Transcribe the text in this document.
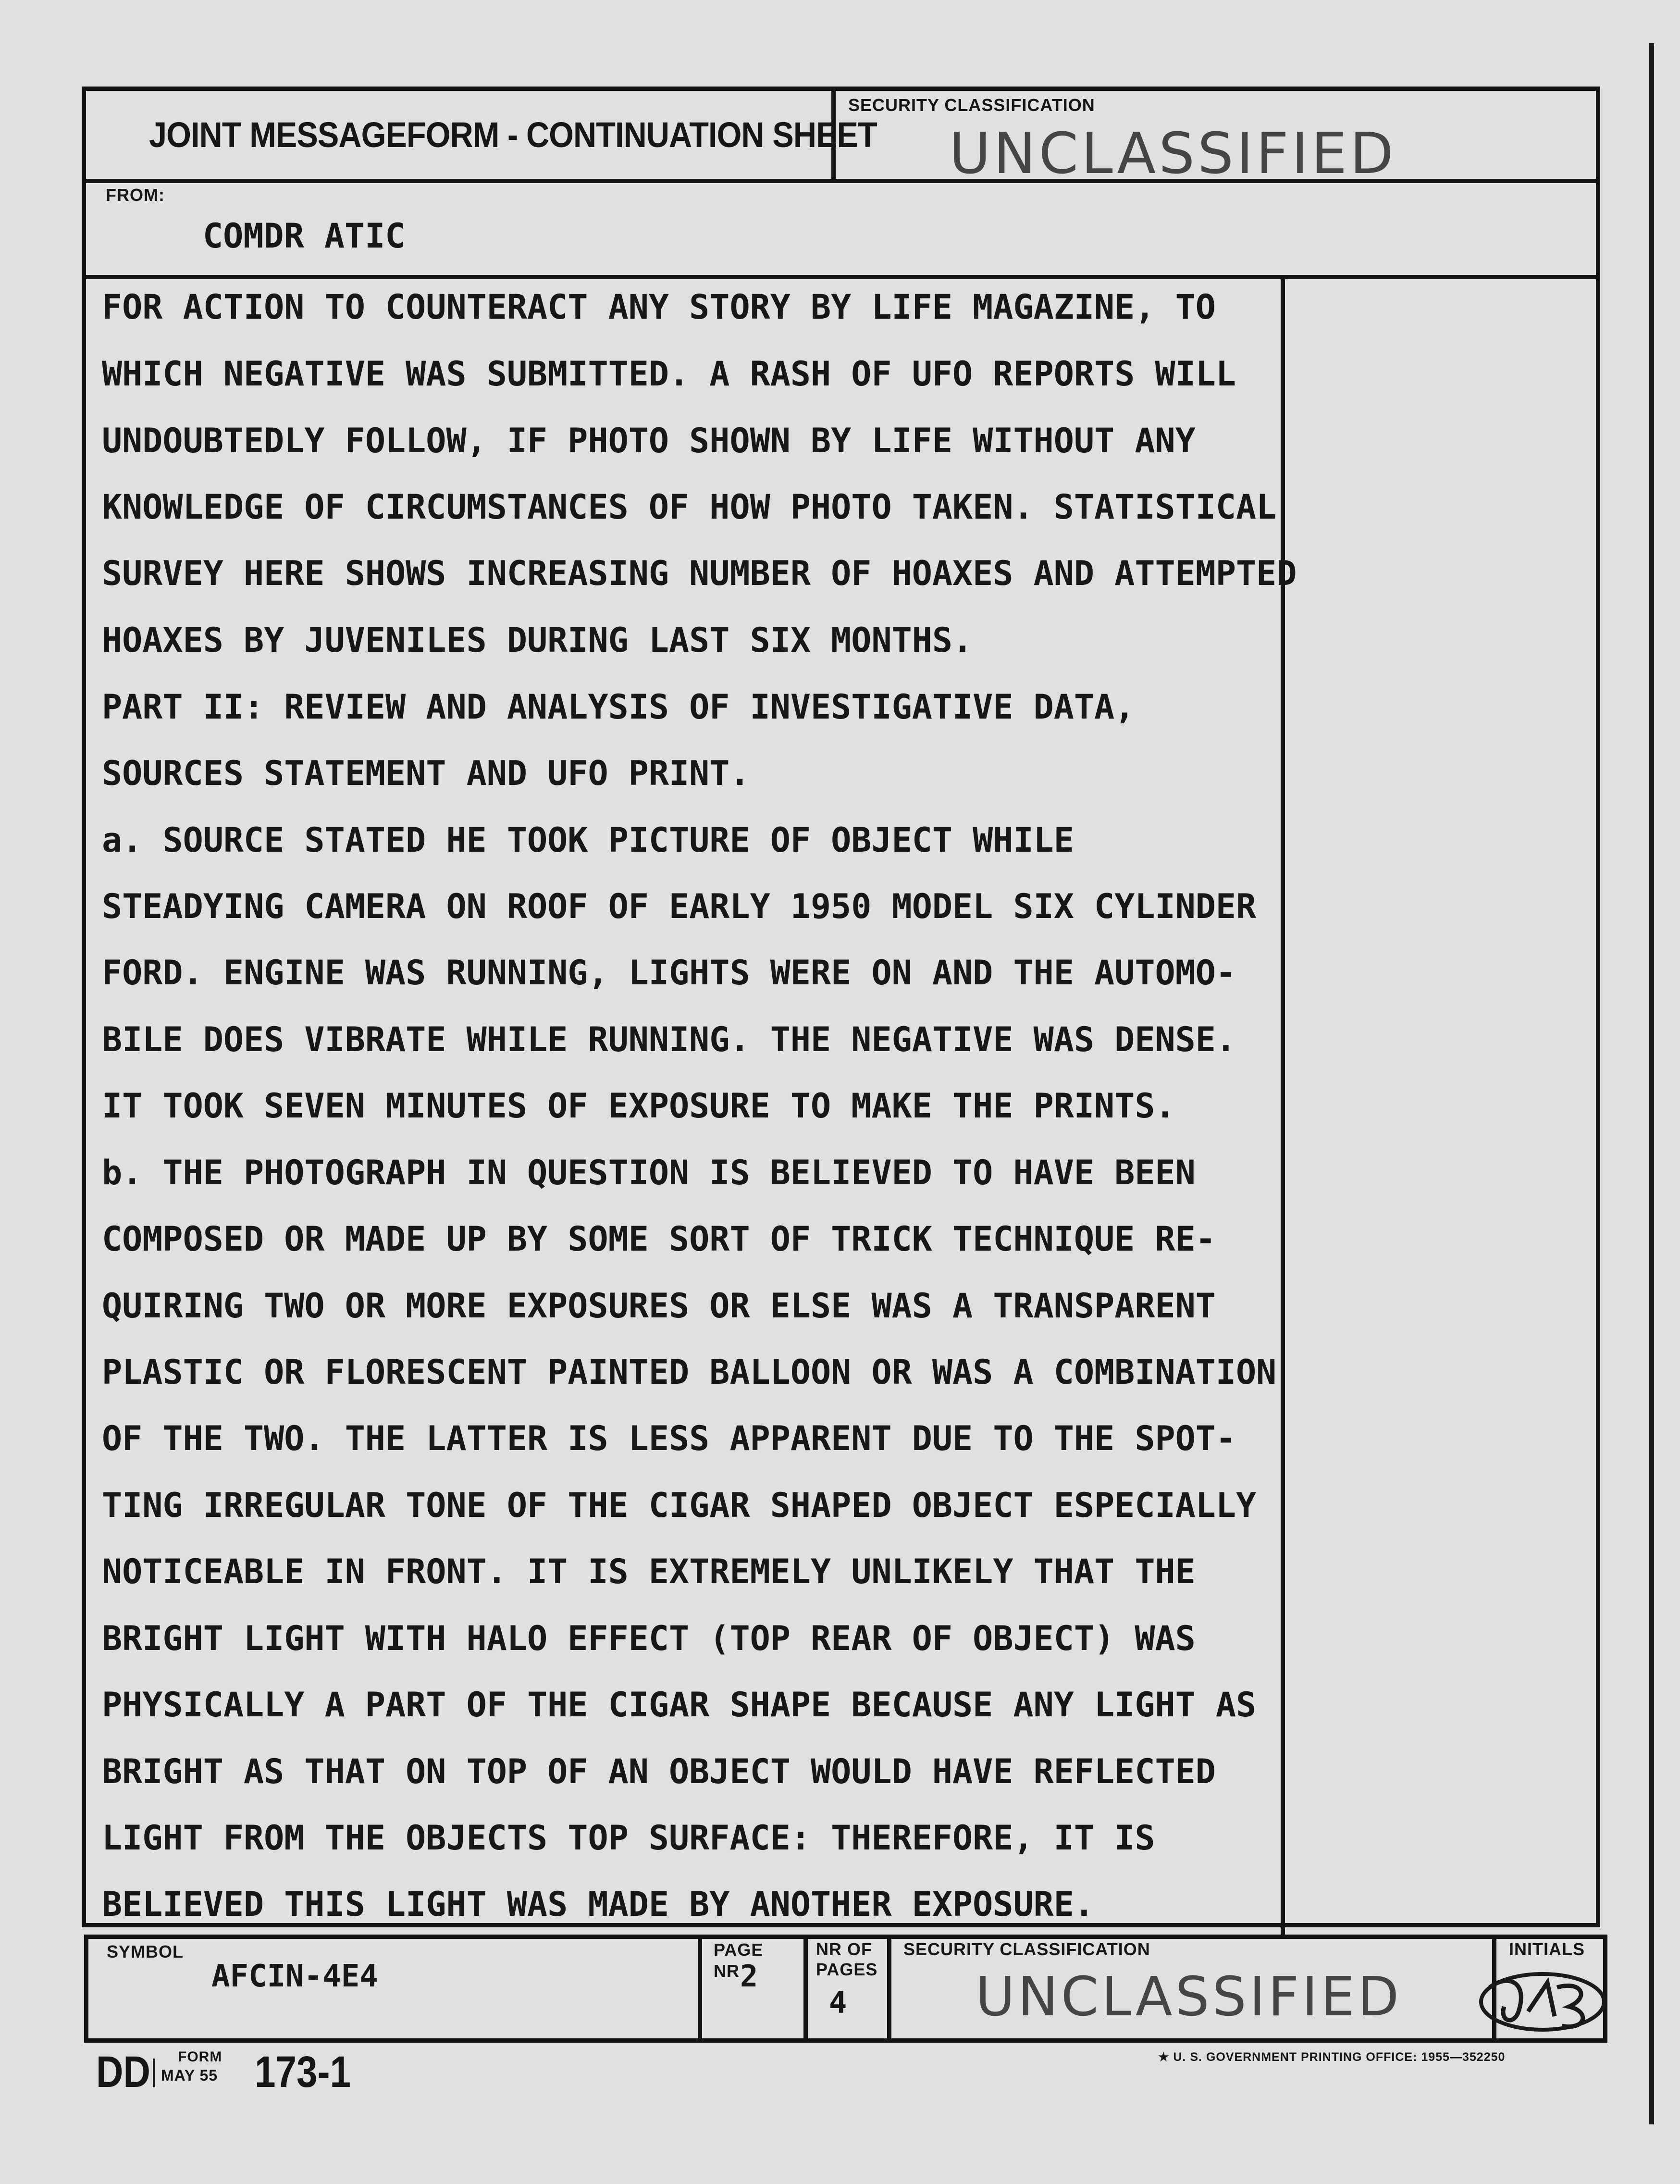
JOINT MESSAGEFORM - CONTINUATION SHEET
SECURITY CLASSIFICATION
UNCLASSIFIED
FROM:
COMDR ATIC
FOR ACTION TO COUNTERACT ANY STORY BY LIFE MAGAZINE, TO
WHICH NEGATIVE WAS SUBMITTED. A RASH OF UFO REPORTS WILL
UNDOUBTEDLY FOLLOW, IF PHOTO SHOWN BY LIFE WITHOUT ANY
KNOWLEDGE OF CIRCUMSTANCES OF HOW PHOTO TAKEN. STATISTICAL
SURVEY HERE SHOWS INCREASING NUMBER OF HOAXES AND ATTEMPTED
HOAXES BY JUVENILES DURING LAST SIX MONTHS.
PART II: REVIEW AND ANALYSIS OF INVESTIGATIVE DATA,
SOURCES STATEMENT AND UFO PRINT.
a. SOURCE STATED HE TOOK PICTURE OF OBJECT WHILE
STEADYING CAMERA ON ROOF OF EARLY 1950 MODEL SIX CYLINDER
FORD. ENGINE WAS RUNNING, LIGHTS WERE ON AND THE AUTOMO-
BILE DOES VIBRATE WHILE RUNNING. THE NEGATIVE WAS DENSE.
IT TOOK SEVEN MINUTES OF EXPOSURE TO MAKE THE PRINTS.
b. THE PHOTOGRAPH IN QUESTION IS BELIEVED TO HAVE BEEN
COMPOSED OR MADE UP BY SOME SORT OF TRICK TECHNIQUE RE-
QUIRING TWO OR MORE EXPOSURES OR ELSE WAS A TRANSPARENT
PLASTIC OR FLORESCENT PAINTED BALLOON OR WAS A COMBINATION
OF THE TWO. THE LATTER IS LESS APPARENT DUE TO THE SPOT-
TING IRREGULAR TONE OF THE CIGAR SHAPED OBJECT ESPECIALLY
NOTICEABLE IN FRONT. IT IS EXTREMELY UNLIKELY THAT THE
BRIGHT LIGHT WITH HALO EFFECT (TOP REAR OF OBJECT) WAS
PHYSICALLY A PART OF THE CIGAR SHAPE BECAUSE ANY LIGHT AS
BRIGHT AS THAT ON TOP OF AN OBJECT WOULD HAVE REFLECTED
LIGHT FROM THE OBJECTS TOP SURFACE: THEREFORE, IT IS
BELIEVED THIS LIGHT WAS MADE BY ANOTHER EXPOSURE.
SYMBOL
AFCIN-4E4
PAGE NR 2
NR OF PAGES
4
SECURITY CLASSIFICATION
UNCLASSIFIED
INITIALS
DD FORM
MAY 55 173-1	★ U. S. GOVERNMENT PRINTING OFFICE: 1955—352250
